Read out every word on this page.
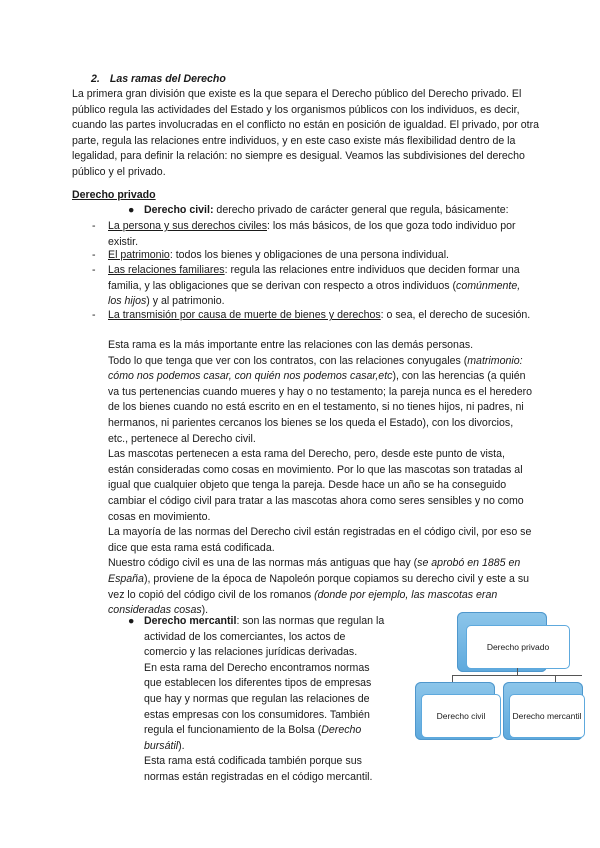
2. Las ramas del Derecho
La primera gran división que existe es la que separa el Derecho público del Derecho privado. El público regula las actividades del Estado y los organismos públicos con los individuos, es decir, cuando las partes involucradas en el conflicto no están en posición de igualdad. El privado, por otra parte, regula las relaciones entre individuos, y en este caso existe más flexibilidad dentro de la legalidad, para definir la relación: no siempre es desigual. Veamos las subdivisiones del derecho público y el privado.
Derecho privado
● Derecho civil: derecho privado de carácter general que regula, básicamente:
- La persona y sus derechos civiles: los más básicos, de los que goza todo individuo por existir.
- El patrimonio: todos los bienes y obligaciones de una persona individual.
- Las relaciones familiares: regula las relaciones entre individuos que deciden formar una familia, y las obligaciones que se derivan con respecto a otros individuos (comúnmente, los hijos) y al patrimonio.
- La transmisión por causa de muerte de bienes y derechos: o sea, el derecho de sucesión.

Esta rama es la más importante entre las relaciones con las demás personas.

Todo lo que tenga que ver con los contratos, con las relaciones conyugales (matrimonio: cómo nos podemos casar, con quién nos podemos casar,etc), con las herencias (a quién va tus pertenencias cuando mueres y hay o no testamento; la pareja nunca es el heredero de los bienes cuando no está escrito en en el testamento, si no tienes hijos, ni padres, ni hermanos, ni parientes cercanos los bienes se los queda el Estado), con los divorcios, etc., pertenece al Derecho civil.

Las mascotas pertenecen a esta rama del Derecho, pero, desde este punto de vista, están consideradas como cosas en movimiento. Por lo que las mascotas son tratadas al igual que cualquier objeto que tenga la pareja. Desde hace un año se ha conseguido cambiar el código civil para tratar a las mascotas ahora como seres sensibles y no como cosas en movimiento.

La mayoría de las normas del Derecho civil están registradas en el código civil, por eso se dice que esta rama está codificada.

Nuestro código civil es una de las normas más antiguas que hay (se aprobó en 1885 en España), proviene de la época de Napoleón porque copiamos su derecho civil y este a su vez lo copió del código civil de los romanos (donde por ejemplo, las mascotas eran consideradas cosas).

● Derecho mercantil: son las normas que regulan la actividad de los comerciantes, los actos de comercio y las relaciones jurídicas derivadas.

En esta rama del Derecho encontramos normas que establecen los diferentes tipos de empresas que hay y normas que regulan las relaciones de estas empresas con los consumidores. También regula el funcionamiento de la Bolsa (Derecho bursátil).

Esta rama está codificada también porque sus normas están registradas en el código mercantil.

Derecho privado
Derecho civil	Derecho mercantil
